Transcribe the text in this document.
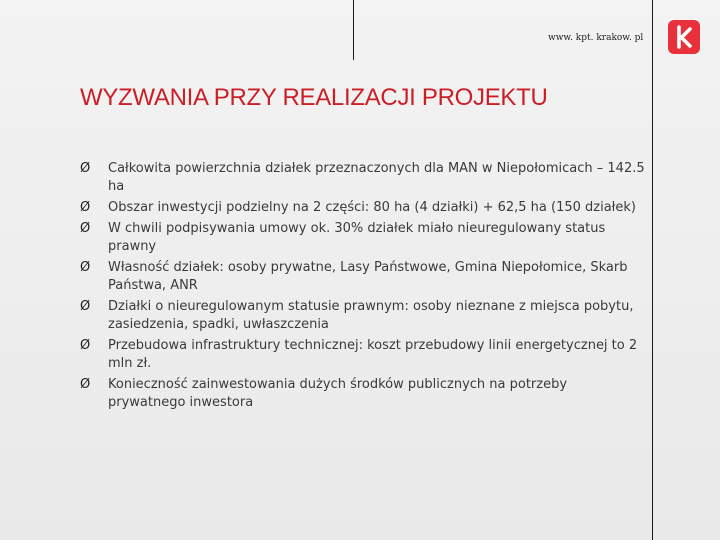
www. kpt. krakow. pl
WYZWANIA PRZY REALIZACJI PROJEKTU
Ø	Całkowita powierzchnia działek przeznaczonych dla MAN w Niepołomicach – 142.5 ha
Ø	Obszar inwestycji podzielny na 2 części: 80 ha (4 działki) + 62,5 ha (150 działek)
Ø	W chwili podpisywania umowy ok. 30% działek miało nieuregulowany status prawny
Ø	Własność działek: osoby prywatne, Lasy Państwowe, Gmina Niepołomice, Skarb Państwa, ANR
Ø	Działki o nieuregulowanym statusie prawnym: osoby nieznane z miejsca pobytu, zasiedzenia, spadki, uwłaszczenia
Ø	Przebudowa infrastruktury technicznej: koszt przebudowy linii energetycznej to 2 mln zł.
Ø	Konieczność zainwestowania dużych środków publicznych na potrzeby prywatnego inwestora
